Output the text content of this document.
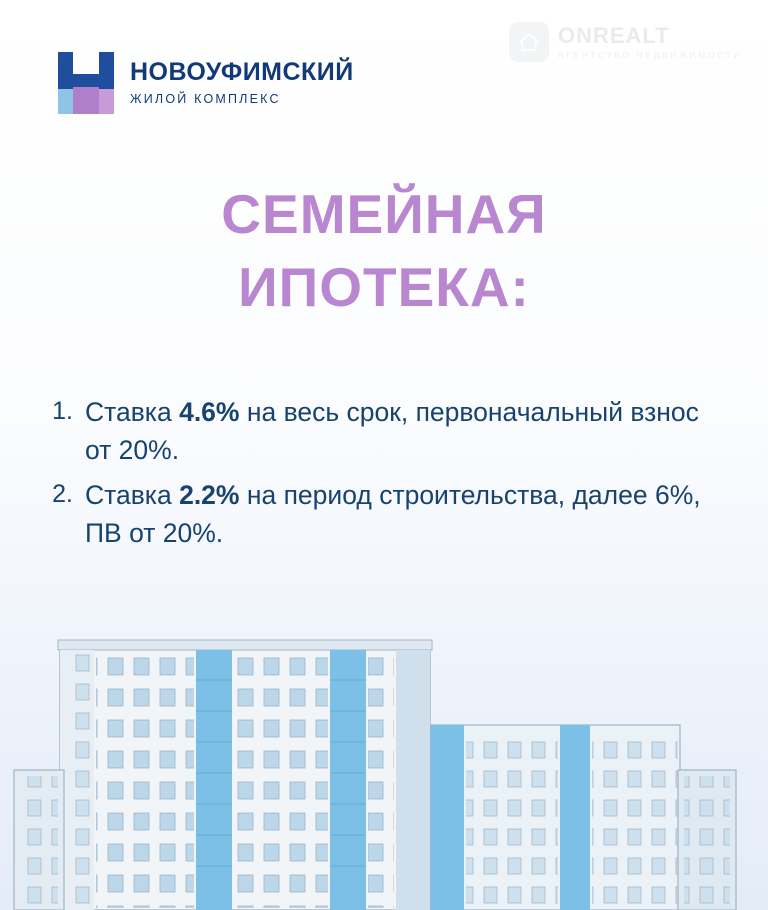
ONREALT
АГЕНТСТВО НЕДВИЖИМОСТИ
НОВОУФИМСКИЙ
ЖИЛОЙ КОМПЛЕКС
СЕМЕЙНАЯ
ИПОТЕКА:
1. Ставка 4.6% на весь срок, первоначальный взнос от 20%.
2. Ставка 2.2% на период строительства, далее 6%, ПВ от 20%.
